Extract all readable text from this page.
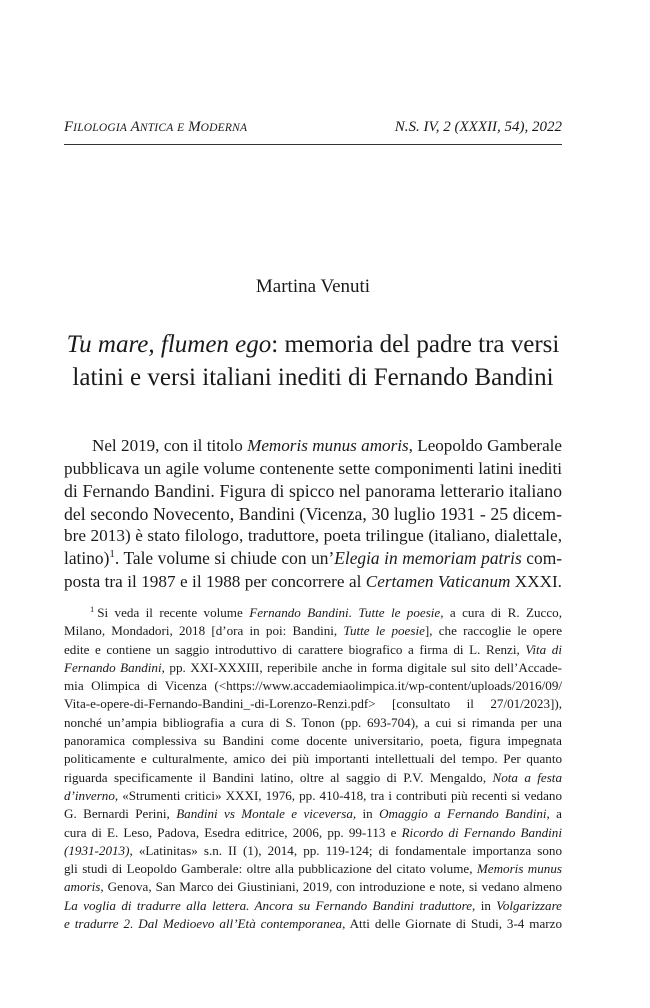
FILOLOGIA ANTICA E MODERNA	N.S. IV, 2 (XXXII, 54), 2022
Martina Venuti
Tu mare, flumen ego: memoria del padre tra versi
latini e versi italiani inediti di Fernando Bandini
Nel 2019, con il titolo Memoris munus amoris, Leopoldo Gamberale
pubblicava un agile volume contenente sette componimenti latini inediti
di Fernando Bandini. Figura di spicco nel panorama letterario italiano
del secondo Novecento, Bandini (Vicenza, 30 luglio 1931 - 25 dicem-
bre 2013) è stato filologo, traduttore, poeta trilingue (italiano, dialettale,
latino)$^1$. Tale volume si chiude con un’Elegia in memoriam patris com-
posta tra il 1987 e il 1988 per concorrere al Certamen Vaticanum XXXI.
$^1$ Si veda il recente volume Fernando Bandini. Tutte le poesie, a cura di R. Zucco,
Milano, Mondadori, 2018 [d’ora in poi: Bandini, Tutte le poesie], che raccoglie le opere
edite e contiene un saggio introduttivo di carattere biografico a firma di L. Renzi, Vita di
Fernando Bandini, pp. XXI-XXXIII, reperibile anche in forma digitale sul sito dell’Accade-
mia Olimpica di Vicenza (<https://www.accademiaolimpica.it/wp-content/uploads/2016/09/
Vita-e-opere-di-Fernando-Bandini_-di-Lorenzo-Renzi.pdf> [consultato il 27/01/2023]),
nonché un’ampia bibliografia a cura di S. Tonon (pp. 693-704), a cui si rimanda per una
panoramica complessiva su Bandini come docente universitario, poeta, figura impegnata
politicamente e culturalmente, amico dei più importanti intellettuali del tempo. Per quanto
riguarda specificamente il Bandini latino, oltre al saggio di P.V. Mengaldo, Nota a festa
d’inverno, «Strumenti critici» XXXI, 1976, pp. 410-418, tra i contributi più recenti si vedano
G. Bernardi Perini, Bandini vs Montale e viceversa, in Omaggio a Fernando Bandini, a
cura di E. Leso, Padova, Esedra editrice, 2006, pp. 99-113 e Ricordo di Fernando Bandini
(1931-2013), «Latinitas» s.n. II (1), 2014, pp. 119-124; di fondamentale importanza sono
gli studi di Leopoldo Gamberale: oltre alla pubblicazione del citato volume, Memoris munus
amoris, Genova, San Marco dei Giustiniani, 2019, con introduzione e note, si vedano almeno
La voglia di tradurre alla lettera. Ancora su Fernando Bandini traduttore, in Volgarizzare
e tradurre 2. Dal Medioevo all’Età contemporanea, Atti delle Giornate di Studi, 3-4 marzo
